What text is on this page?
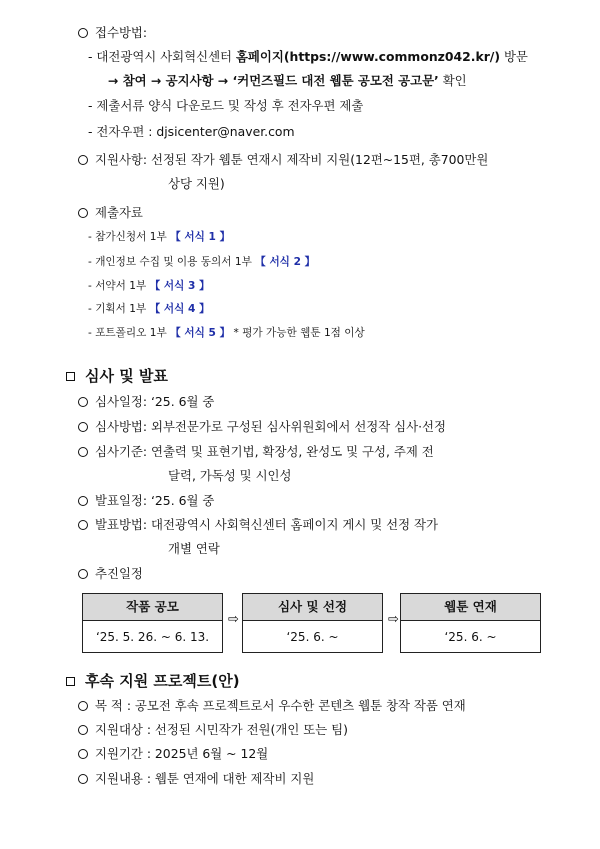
접수방법:
- 대전광역시 사회혁신센터 홈페이지(https://www.commonz042.kr/) 방문
→ 참여 → 공지사항 → ‘커먼즈필드 대전 웹툰 공모전 공고문’ 확인
- 제출서류 양식 다운로드 및 작성 후 전자우편 제출
- 전자우편 : djsicenter@naver.com
지원사항: 선정된 작가 웹툰 연재시 제작비 지원(12편~15편, 총700만원
상당 지원)
제출자료
- 참가신청서 1부 【 서식 1 】
- 개인정보 수집 및 이용 동의서 1부 【 서식 2 】
- 서약서 1부 【 서식 3 】
- 기획서 1부 【 서식 4 】
- 포트폴리오 1부 【 서식 5 】 * 평가 가능한 웹툰 1점 이상
심사 및 발표
심사일정: ‘25. 6월 중
심사방법: 외부전문가로 구성된 심사위원회에서 선정작 심사·선정
심사기준: 연출력 및 표현기법, 확장성, 완성도 및 구성, 주제 전
달력, 가독성 및 시인성
발표일정: ‘25. 6월 중
발표방법: 대전광역시 사회혁신센터 홈페이지 게시 및 선정 작가
개별 연락
추진일정
작품 공모
‘25. 5. 26. ~ 6. 13.
⇨
심사 및 선정
‘25. 6. ~
⇨
웹툰 연재
‘25. 6. ~
후속 지원 프로젝트(안)
목 적 : 공모전 후속 프로젝트로서 우수한 콘텐츠 웹툰 창작 작품 연재
지원대상 : 선정된 시민작가 전원(개인 또는 팀)
지원기간 : 2025년 6월 ~ 12월
지원내용 : 웹툰 연재에 대한 제작비 지원
